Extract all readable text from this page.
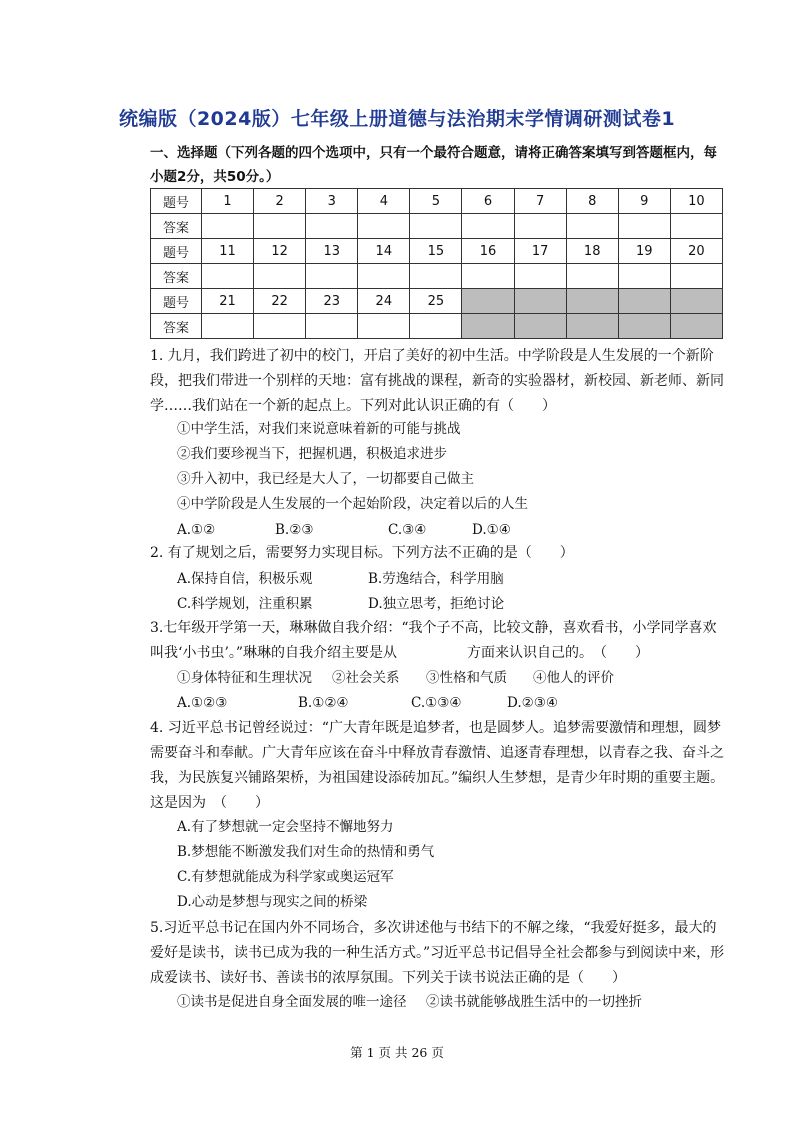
统编版（2024版）七年级上册道德与法治期末学情调研测试卷1
一、选择题（下列各题的四个选项中，只有一个最符合题意，请将正确答案填写到答题框内，每小题2分，共50分。）
题号	1	2	3	4	5	6	7	8	9	10
答案										
题号	11	12	13	14	15	16	17	18	19	20
答案										
题号	21	22	23	24	25					
答案										
1. 九月，我们跨进了初中的校门，开启了美好的初中生活。中学阶段是人生发展的一个新阶段，把我们带进一个别样的天地：富有挑战的课程，新奇的实验器材，新校园、新老师、新同学……我们站在一个新的起点上。下列对此认识正确的有（　　）
①中学生活，对我们来说意味着新的可能与挑战
②我们要珍视当下，把握机遇，积极追求进步
③升入初中，我已经是大人了，一切都要自己做主
④中学阶段是人生发展的一个起始阶段，决定着以后的人生
A.①②	B.②③	C.③④	D.①④
2. 有了规划之后，需要努力实现目标。下列方法不正确的是（　　）
A.保持自信，积极乐观	B.劳逸结合，科学用脑
C.科学规划，注重积累	D.独立思考，拒绝讨论
3.七年级开学第一天，琳琳做自我介绍：“我个子不高，比较文静，喜欢看书，小学同学喜欢叫我‘小书虫’。”琳琳的自我介绍主要是从　　　　　方面来认识自己的。　（　　）
①身体特征和生理状况 ②社会关系 ③性格和气质 ④他人的评价
A.①②③	B.①②④	C.①③④	D.②③④
4. 习近平总书记曾经说过：“广大青年既是追梦者，也是圆梦人。追梦需要激情和理想，圆梦需要奋斗和奉献。广大青年应该在奋斗中释放青春激情、追逐青春理想，以青春之我、奋斗之我，为民族复兴铺路架桥，为祖国建设添砖加瓦。”编织人生梦想，是青少年时期的重要主题。这是因为　（　　）
A.有了梦想就一定会坚持不懈地努力
B.梦想能不断激发我们对生命的热情和勇气
C.有梦想就能成为科学家或奥运冠军
D.心动是梦想与现实之间的桥梁
5.习近平总书记在国内外不同场合，多次讲述他与书结下的不解之缘，“我爱好挺多，最大的爱好是读书，读书已成为我的一种生活方式。”习近平总书记倡导全社会都参与到阅读中来，形成爱读书、读好书、善读书的浓厚氛围。下列关于读书说法正确的是（　　）
①读书是促进自身全面发展的唯一途径 ②读书就能够战胜生活中的一切挫折
第 1 页 共 26 页
